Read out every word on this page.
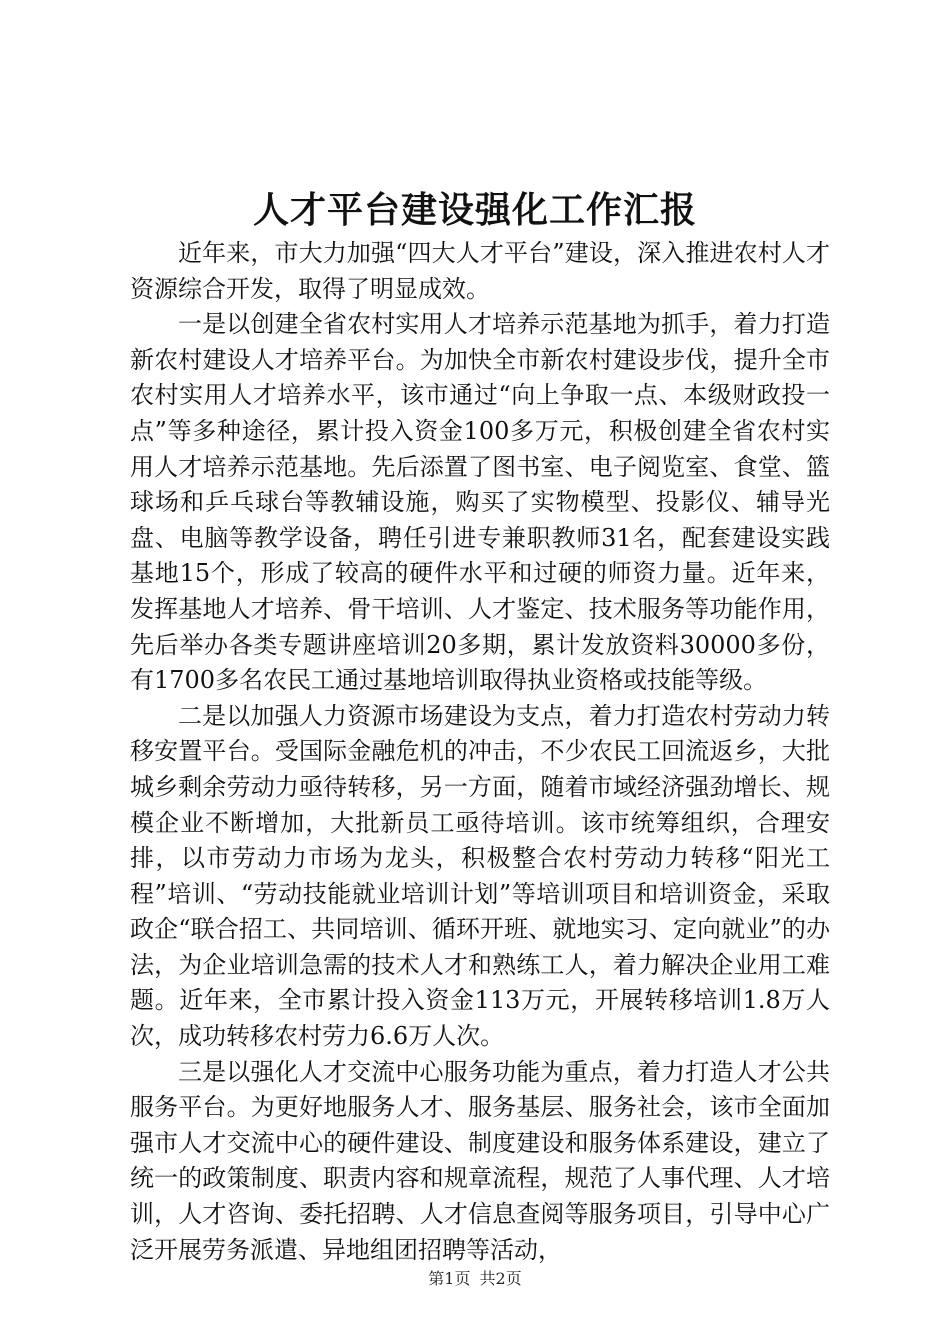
人才平台建设强化工作汇报

近年来，市大力加强“四大人才平台”建设，深入推进农村人才资源综合开发，取得了明显成效。

一是以创建全省农村实用人才培养示范基地为抓手，着力打造新农村建设人才培养平台。为加快全市新农村建设步伐，提升全市农村实用人才培养水平，该市通过“向上争取一点、本级财政投一点”等多种途径，累计投入资金100多万元，积极创建全省农村实用人才培养示范基地。先后添置了图书室、电子阅览室、食堂、篮球场和乒乓球台等教辅设施，购买了实物模型、投影仪、辅导光盘、电脑等教学设备，聘任引进专兼职教师31名，配套建设实践基地15个，形成了较高的硬件水平和过硬的师资力量。近年来，发挥基地人才培养、骨干培训、人才鉴定、技术服务等功能作用，先后举办各类专题讲座培训20多期，累计发放资料30000多份，有1700多名农民工通过基地培训取得执业资格或技能等级。

二是以加强人力资源市场建设为支点，着力打造农村劳动力转移安置平台。受国际金融危机的冲击，不少农民工回流返乡，大批城乡剩余劳动力亟待转移，另一方面，随着市域经济强劲增长、规模企业不断增加，大批新员工亟待培训。该市统筹组织，合理安排，以市劳动力市场为龙头，积极整合农村劳动力转移“阳光工程”培训、“劳动技能就业培训计划”等培训项目和培训资金，采取政企“联合招工、共同培训、循环开班、就地实习、定向就业”的办法，为企业培训急需的技术人才和熟练工人，着力解决企业用工难题。近年来，全市累计投入资金113万元，开展转移培训1.8万人次，成功转移农村劳力6.6万人次。

三是以强化人才交流中心服务功能为重点，着力打造人才公共服务平台。为更好地服务人才、服务基层、服务社会，该市全面加强市人才交流中心的硬件建设、制度建设和服务体系建设，建立了统一的政策制度、职责内容和规章流程，规范了人事代理、人才培训，人才咨询、委托招聘、人才信息查阅等服务项目，引导中心广泛开展劳务派遣、异地组团招聘等活动，

第1页 共2页
